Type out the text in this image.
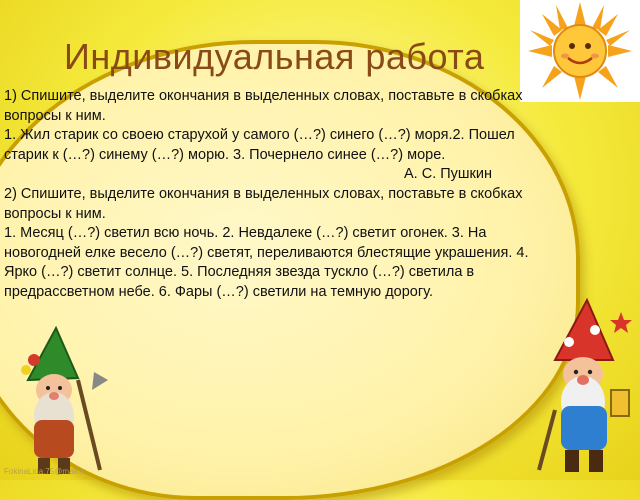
Индивидуальная работа

1) Спишите, выделите окончания в выделенных словах, поставьте в скобках вопросы к ним.

1. Жил старик со своею старухой у самого (…?) синего (…?) моря.2. Пошел старик к (…?) синему (…?) морю. 3. Почернело синее (…?) море.

А. С. Пушкин

2) Спишите, выделите окончания в выделенных словах, поставьте в скобках вопросы к ним.

1. Месяц (…?) светил всю ночь. 2. Невдалеке (…?) светит огонек. 3. На новогодней елке весело (…?) светят, переливаются блестящие украшения. 4. Ярко (…?) светит солнце. 5. Последняя звезда тускло (…?) светила в предрассветном небе. 6. Фары (…?) светили на темную дорогу.

FokinaLida.75@mail.ru
